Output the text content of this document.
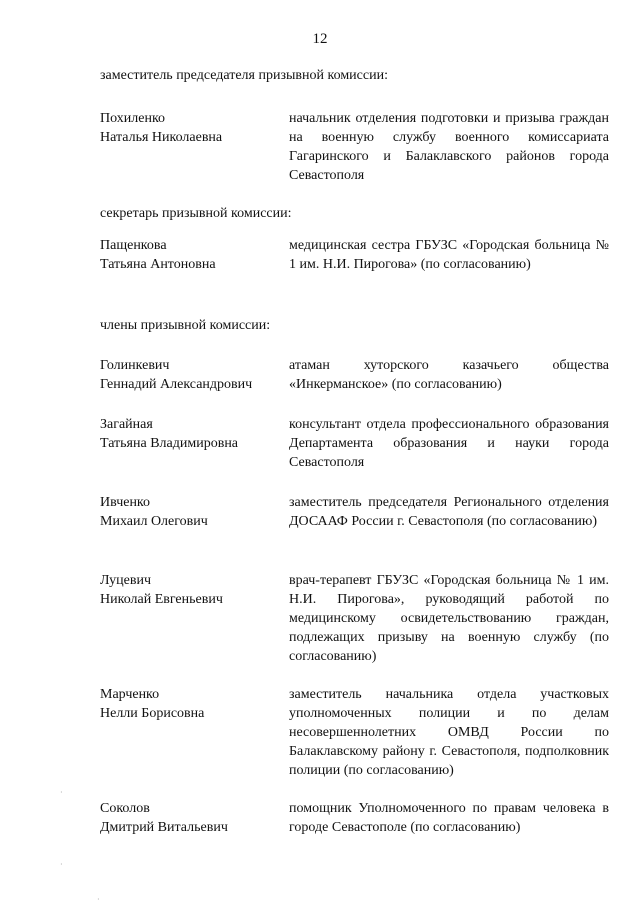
12
заместитель председателя призывной комиссии:
Похиленко
Наталья Николаевна
начальник отделения подготовки и призыва граждан на военную службу военного комиссариата Гагаринского и Балаклавского районов города Севастополя
секретарь призывной комиссии:
Пащенкова
Татьяна Антоновна
медицинская сестра ГБУЗС «Городская больница № 1 им. Н.И. Пирогова» (по согласованию)
члены призывной комиссии:
Голинкевич
Геннадий Александрович
атаман хуторского казачьего общества «Инкерманское» (по согласованию)
Загайная
Татьяна Владимировна
консультант отдела профессионального образования Департамента образования и науки города Севастополя
Ивченко
Михаил Олегович
заместитель председателя Регионального отделения ДОСААФ России г. Севастополя (по согласованию)
Луцевич
Николай Евгеньевич
врач-терапевт ГБУЗС «Городская больница № 1 им. Н.И. Пирогова», руководящий работой по медицинскому освидетельствованию граждан, подлежащих призыву на военную службу (по согласованию)
Марченко
Нелли Борисовна
заместитель начальника отдела участковых уполномоченных полиции и по делам несовершеннолетних ОМВД России по Балаклавскому району г. Севастополя, подполковник полиции (по согласованию)
Соколов
Дмитрий Витальевич
помощник Уполномоченного по правам человека в городе Севастополе (по согласованию)
·
·
·
